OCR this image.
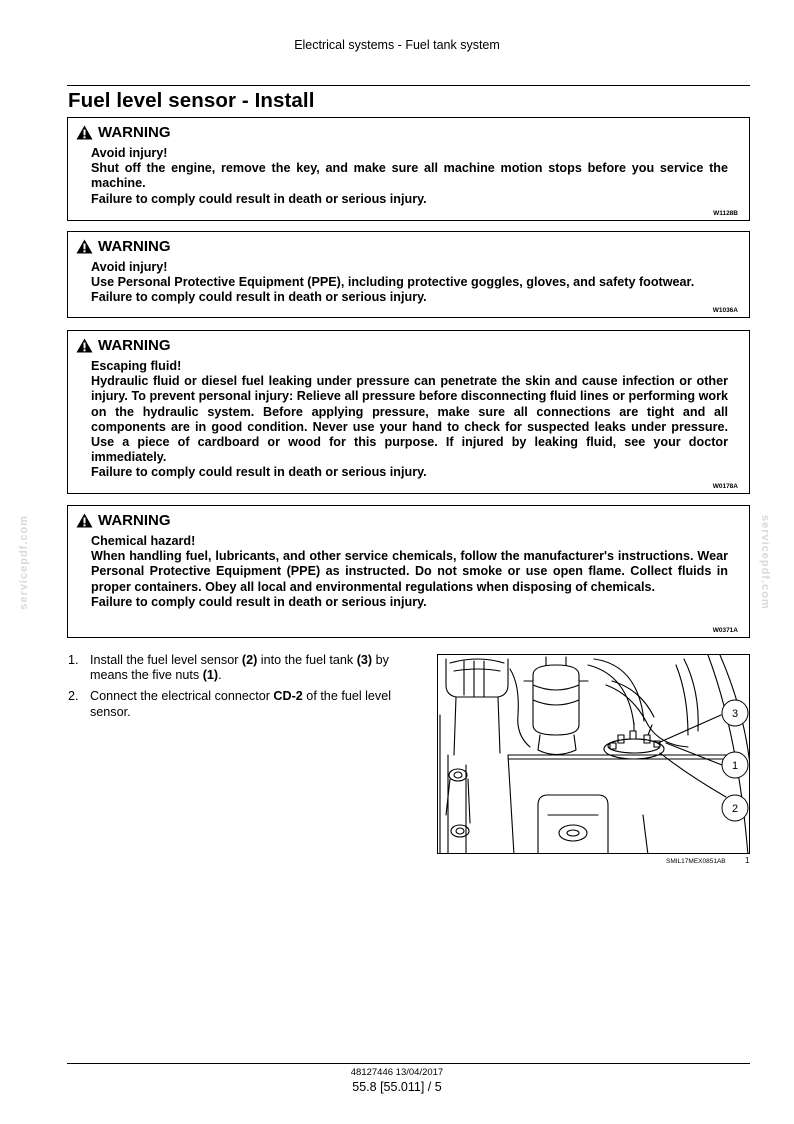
Electrical systems - Fuel tank system
Fuel level sensor - Install
WARNING

Avoid injury!

Shut off the engine, remove the key, and make sure all machine motion stops before you service the machine.

Failure to comply could result in death or serious injury.

W1128B
WARNING

Avoid injury!

Use Personal Protective Equipment (PPE), including protective goggles, gloves, and safety footwear.

Failure to comply could result in death or serious injury.

W1036A
WARNING

Escaping fluid!

Hydraulic fluid or diesel fuel leaking under pressure can penetrate the skin and cause infection or other injury. To prevent personal injury: Relieve all pressure before disconnecting fluid lines or performing work on the hydraulic system. Before applying pressure, make sure all connections are tight and all components are in good condition. Never use your hand to check for suspected leaks under pressure. Use a piece of cardboard or wood for this purpose. If injured by leaking fluid, see your doctor immediately.

Failure to comply could result in death or serious injury.

W0178A
WARNING

Chemical hazard!

When handling fuel, lubricants, and other service chemicals, follow the manufacturer's instructions. Wear Personal Protective Equipment (PPE) as instructed. Do not smoke or use open flame. Collect fluids in proper containers. Obey all local and environmental regulations when disposing of chemicals.

Failure to comply could result in death or serious injury.

W0371A
1. Install the fuel level sensor (2) into the fuel tank (3) by means the five nuts (1).
2. Connect the electrical connector CD-2 of the fuel level sensor.	3
1
2
SMIL17MEX0851AB 1
servicepdf.com	servicepdf.com
48127446 13/04/2017
55.8 [55.011] / 5
